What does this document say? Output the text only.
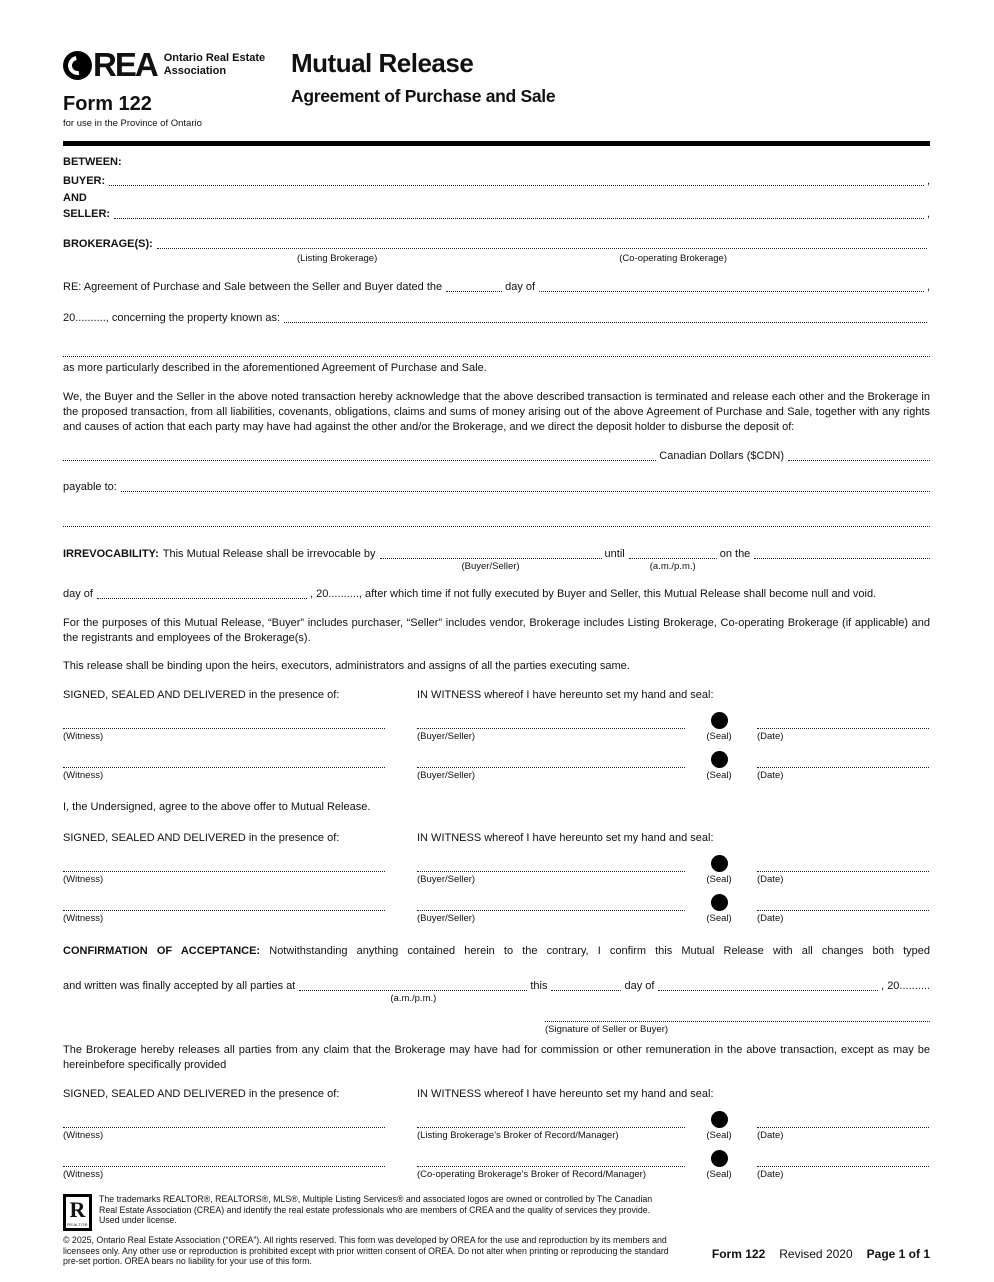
REA Ontario Real Estate
Association
Form 122
for use in the Province of Ontario
Mutual Release
Agreement of Purchase and Sale
BETWEEN:
BUYER:	,
AND
SELLER:	,
BROKERAGE(S):
(Listing Brokerage)	(Co-operating Brokerage)
RE: Agreement of Purchase and Sale between the Seller and Buyer dated the	day of	,
20.........., concerning the property known as:
as more particularly described in the aforementioned Agreement of Purchase and Sale.
We, the Buyer and the Seller in the above noted transaction hereby acknowledge that the above described transaction is terminated and release each other and the Brokerage in the proposed transaction, from all liabilities, covenants, obligations, claims and sums of money arising out of the above Agreement of Purchase and Sale, together with any rights and causes of action that each party may have had against the other and/or the Brokerage, and we direct the deposit holder to disburse the deposit of:
Canadian Dollars ($CDN)
payable to:
IRREVOCABILITY: This Mutual Release shall be irrevocable by
(Buyer/Seller)
until
(a.m./p.m.)
on the
day of	, 20.........., after which time if not fully executed by Buyer and Seller, this Mutual Release shall become null and void.
For the purposes of this Mutual Release, “Buyer” includes purchaser, “Seller” includes vendor, Brokerage includes Listing Brokerage, Co-operating Brokerage (if applicable) and the registrants and employees of the Brokerage(s).
This release shall be binding upon the heirs, executors, administrators and assigns of all the parties executing same.
SIGNED, SEALED AND DELIVERED in the presence of:	IN WITNESS whereof I have hereunto set my hand and seal:
(Witness)	(Buyer/Seller)	(Seal)	(Date)
(Witness)	(Buyer/Seller)	(Seal)	(Date)
I, the Undersigned, agree to the above offer to Mutual Release.
SIGNED, SEALED AND DELIVERED in the presence of:	IN WITNESS whereof I have hereunto set my hand and seal:
(Witness)	(Buyer/Seller)	(Seal)	(Date)
(Witness)	(Buyer/Seller)	(Seal)	(Date)
CONFIRMATION OF ACCEPTANCE: Notwithstanding anything contained herein to the contrary, I confirm this Mutual Release with all changes both typed
and written was finally accepted by all parties at
(a.m./p.m.)
this	day of	, 20..........
(Signature of Seller or Buyer)
The Brokerage hereby releases all parties from any claim that the Brokerage may have had for commission or other remuneration in the above transaction, except as may be hereinbefore specifically provided
SIGNED, SEALED AND DELIVERED in the presence of:	IN WITNESS whereof I have hereunto set my hand and seal:
(Witness)	(Listing Brokerage’s Broker of Record/Manager)	(Seal)	(Date)
(Witness)	(Co-operating Brokerage’s Broker of Record/Manager)	(Seal)	(Date)
R
REALTOR
The trademarks REALTOR®, REALTORS®, MLS®, Multiple Listing Services® and associated logos are owned or controlled by The Canadian Real Estate Association (CREA) and identify the real estate professionals who are members of CREA and the quality of services they provide. Used under license.
© 2025, Ontario Real Estate Association (“OREA”). All rights reserved. This form was developed by OREA for the use and reproduction by its members and licensees only. Any other use or reproduction is prohibited except with prior written consent of OREA. Do not alter when printing or reproducing the standard pre-set portion. OREA bears no liability for your use of this form.
Form 122 Revised 2020 Page 1 of 1
